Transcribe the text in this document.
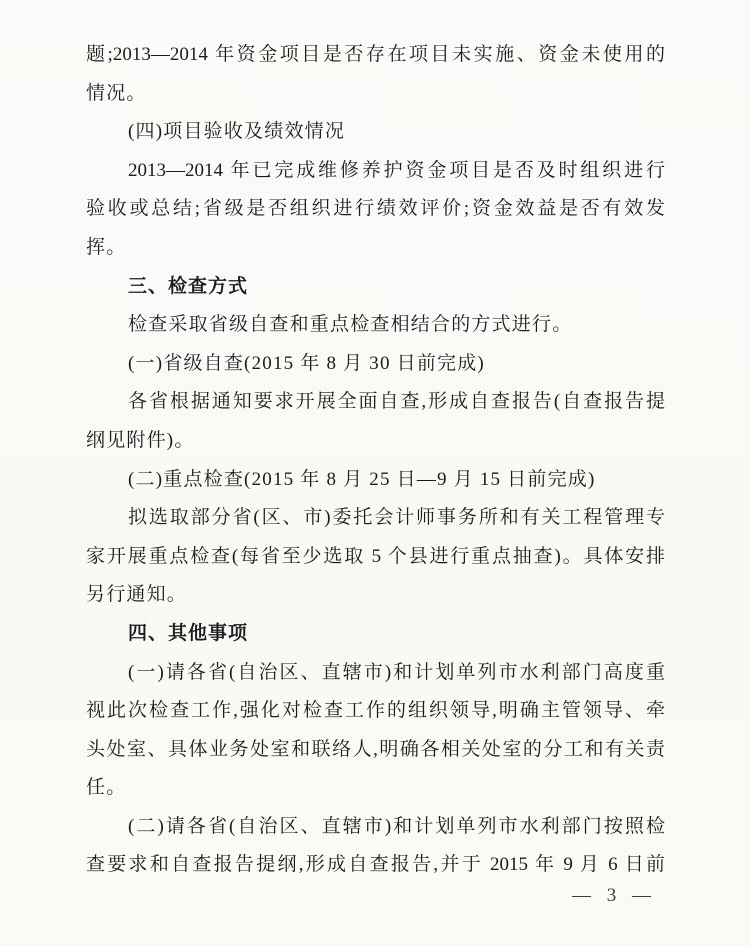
题;2013—2014 年资金项目是否存在项目未实施、资金未使用的
情况。
(四)项目验收及绩效情况
2013—2014 年已完成维修养护资金项目是否及时组织进行
验收或总结;省级是否组织进行绩效评价;资金效益是否有效发
挥。
三、检查方式
检查采取省级自查和重点检查相结合的方式进行。
(一)省级自查(2015 年 8 月 30 日前完成)
各省根据通知要求开展全面自查,形成自查报告(自查报告提
纲见附件)。
(二)重点检查(2015 年 8 月 25 日—9 月 15 日前完成)
拟选取部分省(区、市)委托会计师事务所和有关工程管理专
家开展重点检查(每省至少选取 5 个县进行重点抽查)。具体安排
另行通知。
四、其他事项
(一)请各省(自治区、直辖市)和计划单列市水利部门高度重
视此次检查工作,强化对检查工作的组织领导,明确主管领导、牵
头处室、具体业务处室和联络人,明确各相关处室的分工和有关责
任。
(二)请各省(自治区、直辖市)和计划单列市水利部门按照检
查要求和自查报告提纲,形成自查报告,并于 2015 年 9 月 6 日前
— 3 —
